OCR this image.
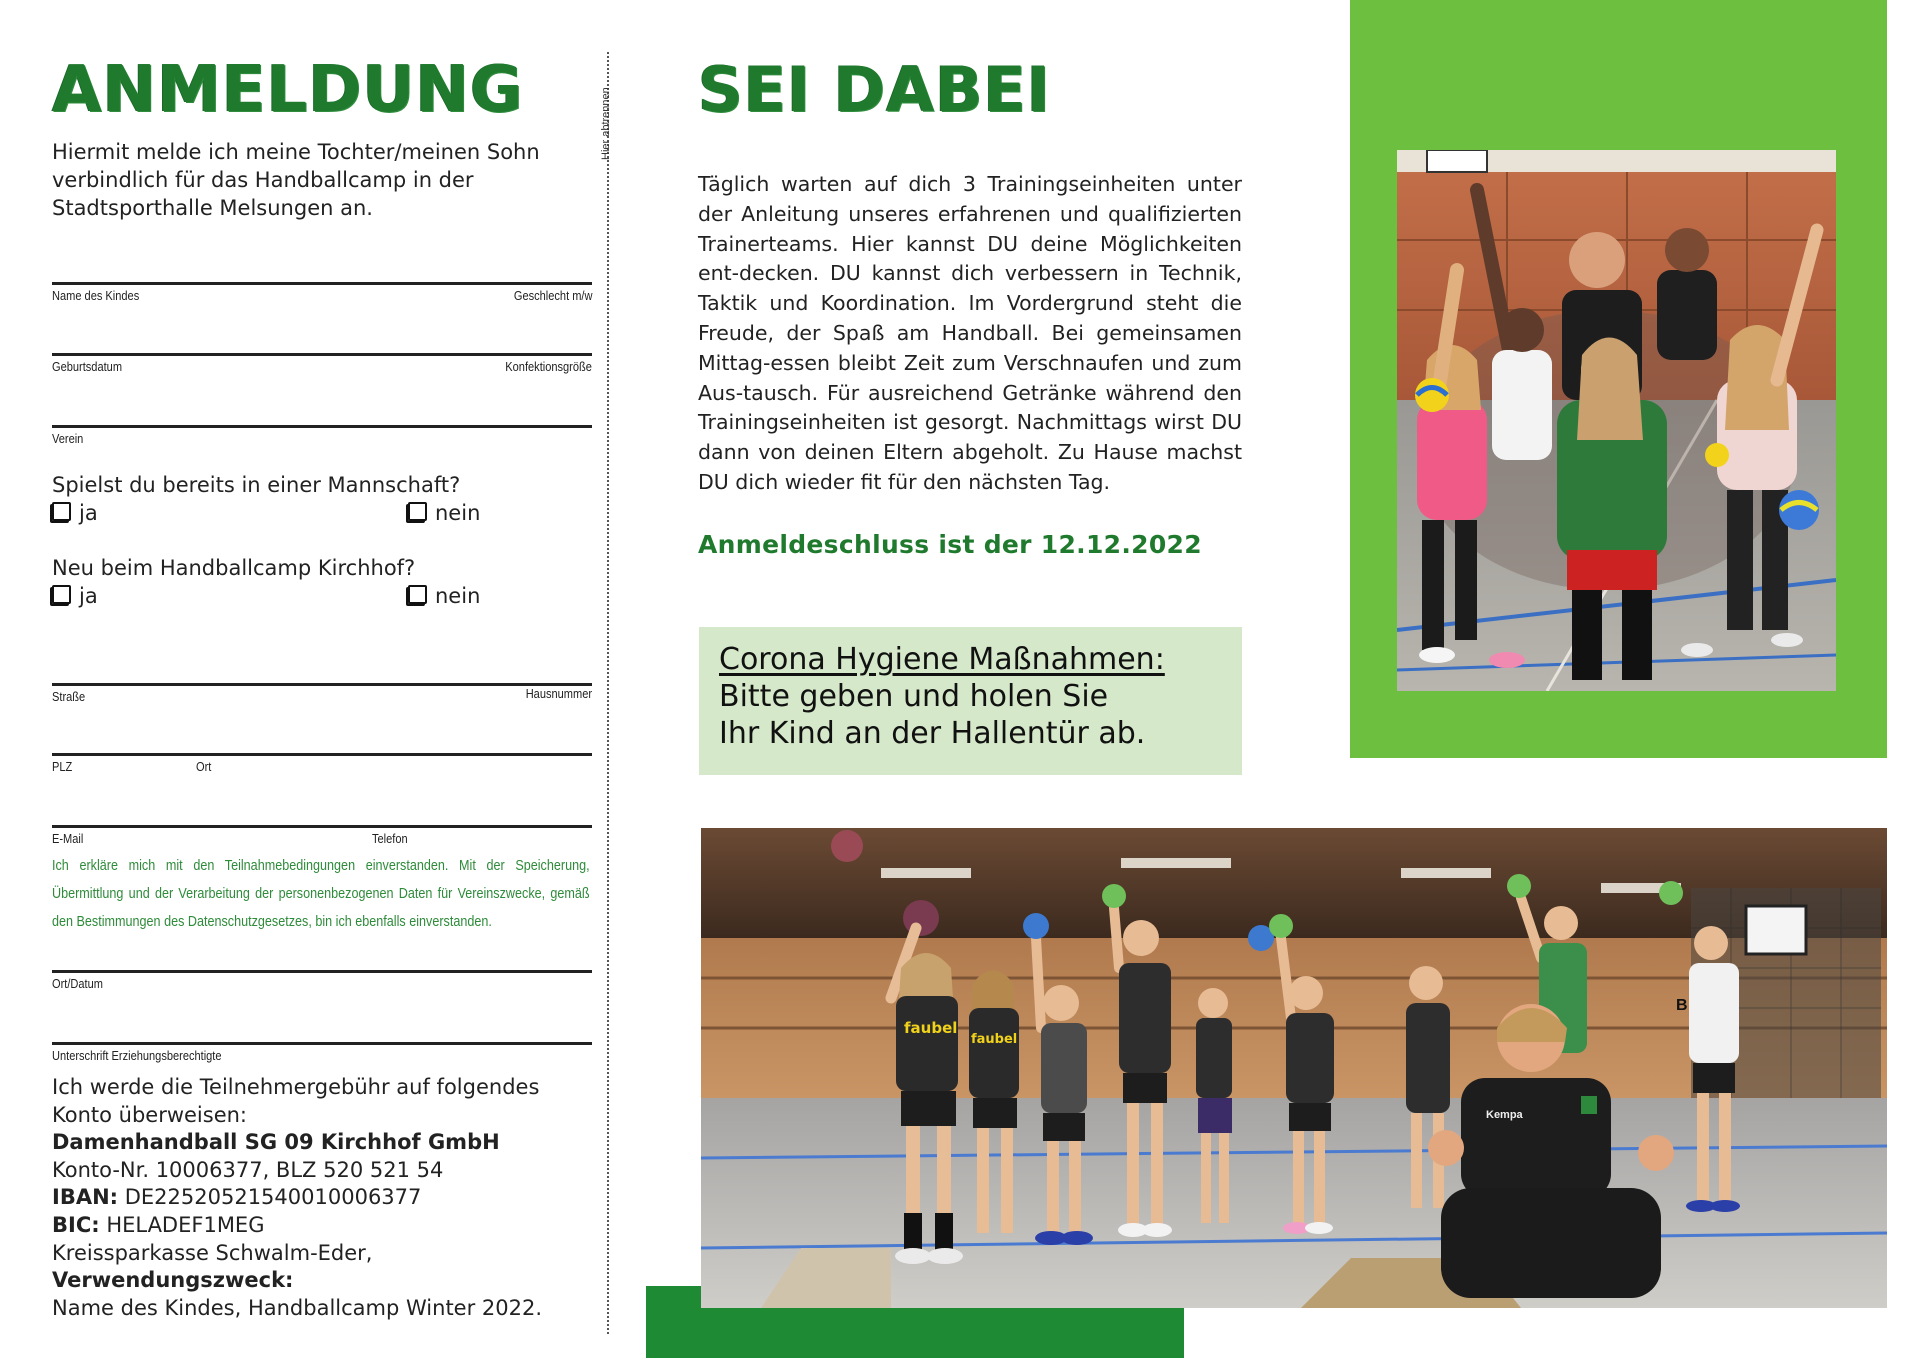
ANMELDUNG
Hiermit melde ich meine Tochter/meinen Sohn verbindlich für das Handballcamp in der Stadtsporthalle Melsungen an.
Name des Kindes	Geschlecht m/w
Geburtsdatum	Konfektionsgröße
Verein
Spielst du bereits in einer Mannschaft?
ja	nein
Neu beim Handballcamp Kirchhof?
ja	nein
Straße	Hausnummer
PLZ	Ort
E-Mail	Telefon
Ich erkläre mich mit den Teilnahmebedingungen einverstanden. Mit der Speicherung, Übermittlung und der Verarbeitung der personenbezogenen Daten für Vereinszwecke, gemäß den Bestimmungen des Datenschutzgesetzes, bin ich ebenfalls einverstanden.
Ort/Datum
Unterschrift Erziehungsberechtigte
Ich werde die Teilnehmergebühr auf folgendes
Konto überweisen:
Damenhandball SG 09 Kirchhof GmbH
Konto-Nr. 10006377, BLZ 520 521 54
IBAN: DE22520521540010006377
BIC: HELADEF1MEG
Kreissparkasse Schwalm-Eder,
Verwendungszweck:
Name des Kindes, Handballcamp Winter 2022.
Hier abtrennen SEI DABEI
Täglich warten auf dich 3 Trainingseinheiten unter der Anleitung unseres erfahrenen und qualifizierten Trainerteams. Hier kannst DU deine Möglichkeiten ent-decken. DU kannst dich verbessern in Technik, Taktik und Koordination. Im Vordergrund steht die Freude, der Spaß am Handball. Bei gemeinsamen Mittag-essen bleibt Zeit zum Verschnaufen und zum Aus-tausch. Für ausreichend Getränke während den Trainingseinheiten ist gesorgt. Nachmittags wirst DU dann von deinen Eltern abgeholt. Zu Hause machst DU dich wieder fit für den nächsten Tag.
Anmeldeschluss ist der 12.12.2022
Corona Hygiene Maßnahmen:
Bitte geben und holen Sie
Ihr Kind an der Hallentür ab.
B
faubel
faubel
Kempa
